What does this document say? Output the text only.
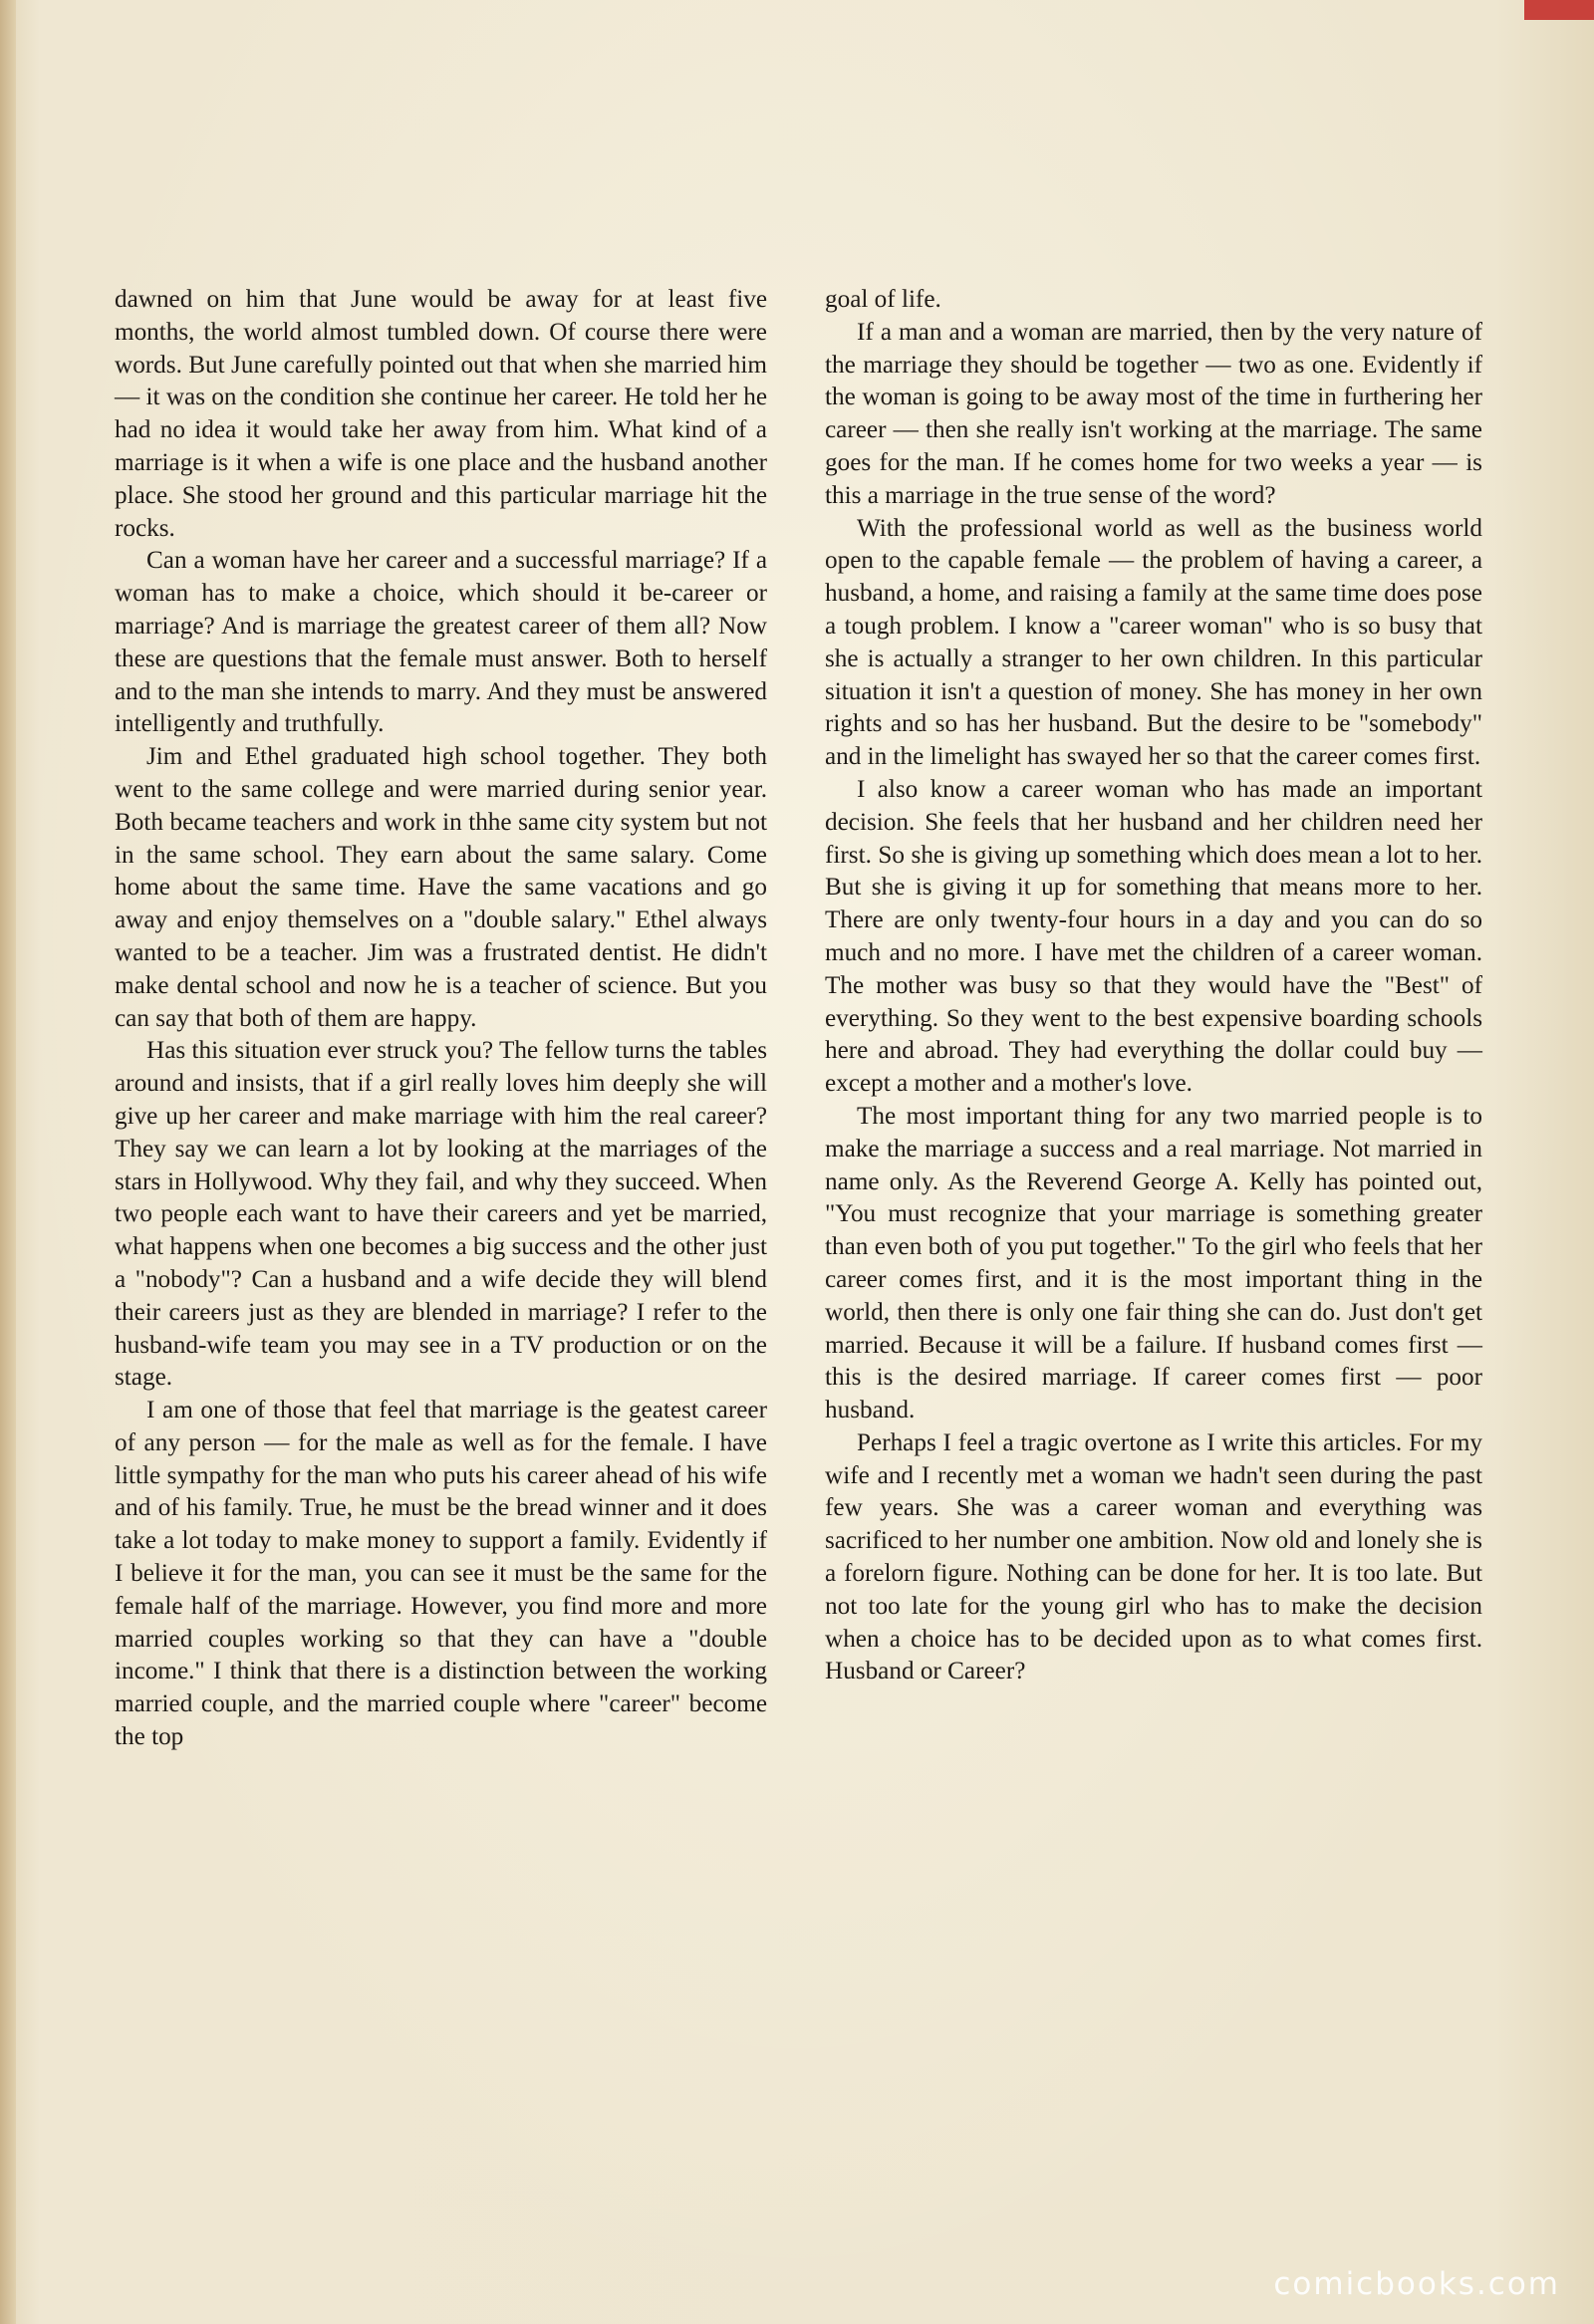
dawned on him that June would be away for at least five months, the world almost tumbled down. Of course there were words. But June carefully pointed out that when she married him — it was on the condition she continue her career. He told her he had no idea it would take her away from him. What kind of a marriage is it when a wife is one place and the husband another place. She stood her ground and this particular marriage hit the rocks.

Can a woman have her career and a successful marriage? If a woman has to make a choice, which should it be-career or marriage? And is marriage the greatest career of them all? Now these are questions that the female must answer. Both to herself and to the man she intends to marry. And they must be answered intelligently and truthfully.

Jim and Ethel graduated high school together. They both went to the same college and were married during senior year. Both became teachers and work in thhe same city system but not in the same school. They earn about the same salary. Come home about the same time. Have the same vacations and go away and enjoy themselves on a "double salary." Ethel always wanted to be a teacher. Jim was a frustrated dentist. He didn't make dental school and now he is a teacher of science. But you can say that both of them are happy.

Has this situation ever struck you? The fellow turns the tables around and insists, that if a girl really loves him deeply she will give up her career and make marriage with him the real career? They say we can learn a lot by looking at the marriages of the stars in Hollywood. Why they fail, and why they succeed. When two people each want to have their careers and yet be married, what happens when one becomes a big success and the other just a "nobody"? Can a husband and a wife decide they will blend their careers just as they are blended in marriage? I refer to the husband-wife team you may see in a TV production or on the stage.

I am one of those that feel that marriage is the geatest career of any person — for the male as well as for the female. I have little sympathy for the man who puts his career ahead of his wife and of his family. True, he must be the bread winner and it does take a lot today to make money to support a family. Evidently if I believe it for the man, you can see it must be the same for the female half of the marriage. However, you find more and more married couples working so that they can have a "double income." I think that there is a distinction between the working married couple, and the married couple where "career" become the top

goal of life.

If a man and a woman are married, then by the very nature of the marriage they should be together — two as one. Evidently if the woman is going to be away most of the time in furthering her career — then she really isn't working at the marriage. The same goes for the man. If he comes home for two weeks a year — is this a marriage in the true sense of the word?

With the professional world as well as the business world open to the capable female — the problem of having a career, a husband, a home, and raising a family at the same time does pose a tough problem. I know a "career woman" who is so busy that she is actually a stranger to her own children. In this particular situation it isn't a question of money. She has money in her own rights and so has her husband. But the desire to be "somebody" and in the limelight has swayed her so that the career comes first.

I also know a career woman who has made an important decision. She feels that her husband and her children need her first. So she is giving up something which does mean a lot to her. But she is giving it up for something that means more to her. There are only twenty-four hours in a day and you can do so much and no more. I have met the children of a career woman. The mother was busy so that they would have the "Best" of everything. So they went to the best expensive boarding schools here and abroad. They had everything the dollar could buy — except a mother and a mother's love.

The most important thing for any two married people is to make the marriage a success and a real marriage. Not married in name only. As the Reverend George A. Kelly has pointed out, "You must recognize that your marriage is something greater than even both of you put together." To the girl who feels that her career comes first, and it is the most important thing in the world, then there is only one fair thing she can do. Just don't get married. Because it will be a failure. If husband comes first — this is the desired marriage. If career comes first — poor husband.

Perhaps I feel a tragic overtone as I write this articles. For my wife and I recently met a woman we hadn't seen during the past few years. She was a career woman and everything was sacrificed to her number one ambition. Now old and lonely she is a forelorn figure. Nothing can be done for her. It is too late. But not too late for the young girl who has to make the decision when a choice has to be decided upon as to what comes first. Husband or Career?

comicbooks.com
